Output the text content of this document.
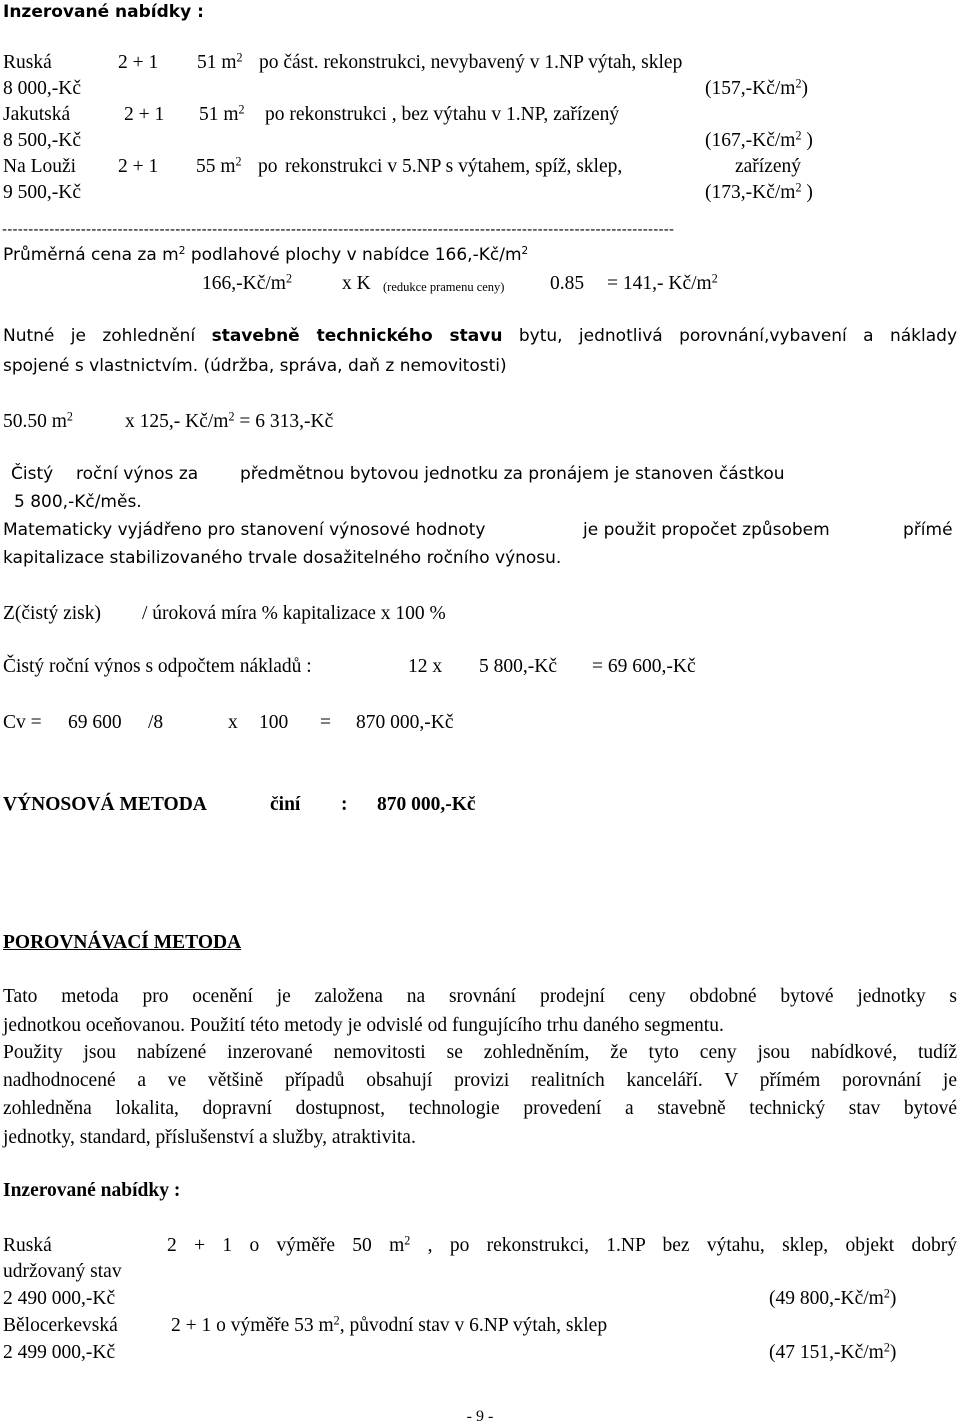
Inzerované nabídky :
Ruská	2 + 1 51 $m^2$ po část. rekonstrukci, nevybavený v 1.NP výtah, sklep
8 000,-Kč	$(157,-Kč/m^2)$
Jakutská	2 + 1 51 $m^2$ po rekonstrukci , bez výtahu v 1.NP, zařízený
8 500,-Kč	($167,-Kč/m^2$ )
Na Louži 2 + 1 55 $m^2$ po rekonstrukci v 5.NP s výtahem, spíž, sklep,	zařízený
9 500,-Kč	($173,-Kč/m^2$ )
--------------------------------------------------------------------------------------------------------------------------------
Průměrná cena za $m^2$ podlahové plochy v nabídce $166,-Kč/m^2$
$166,-Kč/m^2$	x K (redukce pramenu ceny) 0.85 = 141,- $Kč/m^2$
Nutné je zohlednění stavebně technického stavu bytu, jednotlivá porovnání,vybavení a náklady
spojené s vlastnictvím. (údržba, správa, daň z nemovitosti)
50.50 $m^2$	x 125,- $Kč/m^2 = 6$ 313,-Kč
Čistý roční výnos za předmětnou bytovou jednotku za pronájem je stanoven částkou
5 800,-Kč/měs.
Matematicky vyjádřeno pro stanovení výnosové hodnoty	je použit propočet způsobem	přímé
kapitalizace stabilizovaného trvale dosažitelného ročního výnosu.
Z(čistý zisk) / úroková míra % kapitalizace x 100 %
Čistý roční výnos s odpočtem nákladů :	12 x 5 800,-Kč = 69 600,-Kč
Cv = 69 600 /8	x 100 = 870 000,-Kč
VÝNOSOVÁ METODA	činí : 870 000,-Kč
POROVNÁVACÍ METODA
Tato metoda pro ocenění je založena na srovnání prodejní ceny obdobné bytové jednotky s
jednotkou oceňovanou. Použití této metody je odvislé od fungujícího trhu daného segmentu.
Použity jsou nabízené inzerované nemovitosti se zohledněním, že tyto ceny jsou nabídkové, tudíž
nadhodnocené a ve většině případů obsahují provizi realitních kanceláří. V přímém porovnání je
zohledněna lokalita, dopravní dostupnost, technologie provedení a stavebně technický stav bytové
jednotky, standard, příslušenství a služby, atraktivita.
Inzerované nabídky :
Ruská	2 + 1 o výměře 50 $m^2$ , po rekonstrukci, 1.NP bez výtahu, sklep, objekt dobrý
udržovaný stav
2 490 000,-Kč	(49 $800,-Kč/m^2$)
Bělocerkevská	2 + 1 o výměře 53 $m^2$, původní stav v 6.NP výtah, sklep
2 499 000,-Kč	(47 $151,-Kč/m^2$)
- 9 -
